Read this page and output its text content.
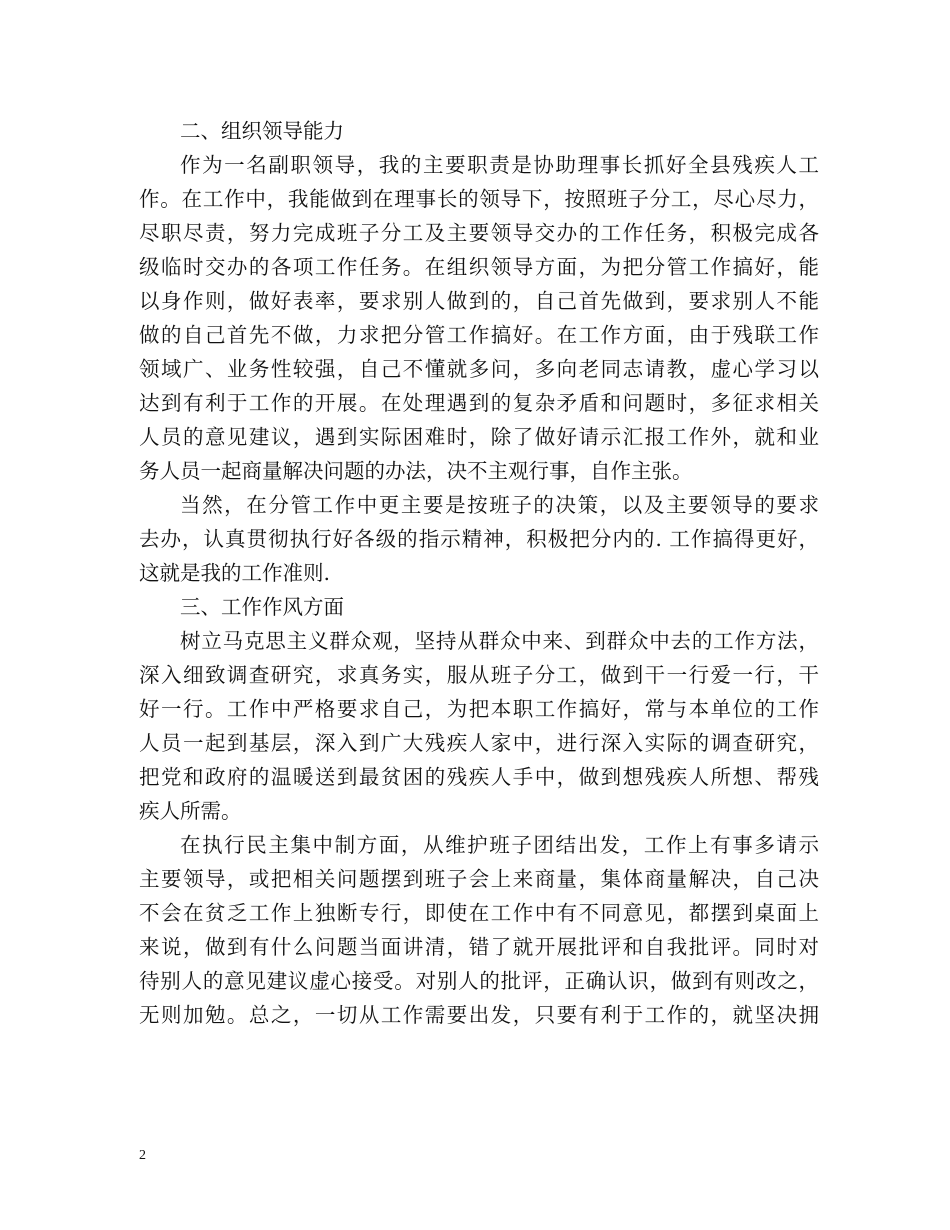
二、组织领导能力
作为一名副职领导，我的主要职责是协助理事长抓好全县残疾人工
作。在工作中，我能做到在理事长的领导下，按照班子分工，尽心尽力，
尽职尽责，努力完成班子分工及主要领导交办的工作任务，积极完成各
级临时交办的各项工作任务。在组织领导方面，为把分管工作搞好，能
以身作则，做好表率，要求别人做到的，自己首先做到，要求别人不能
做的自己首先不做，力求把分管工作搞好。在工作方面，由于残联工作
领域广、业务性较强，自己不懂就多问，多向老同志请教，虚心学习以
达到有利于工作的开展。在处理遇到的复杂矛盾和问题时，多征求相关
人员的意见建议，遇到实际困难时，除了做好请示汇报工作外，就和业
务人员一起商量解决问题的办法，决不主观行事，自作主张。
当然，在分管工作中更主要是按班子的决策，以及主要领导的要求
去办，认真贯彻执行好各级的指示精神，积极把分内的. 工作搞得更好，
这就是我的工作准则.
三、工作作风方面
树立马克思主义群众观，坚持从群众中来、到群众中去的工作方法，
深入细致调查研究，求真务实，服从班子分工，做到干一行爱一行，干
好一行。工作中严格要求自己，为把本职工作搞好，常与本单位的工作
人员一起到基层，深入到广大残疾人家中，进行深入实际的调查研究，
把党和政府的温暖送到最贫困的残疾人手中，做到想残疾人所想、帮残
疾人所需。
在执行民主集中制方面，从维护班子团结出发，工作上有事多请示
主要领导，或把相关问题摆到班子会上来商量，集体商量解决，自己决
不会在贫乏工作上独断专行，即使在工作中有不同意见，都摆到桌面上
来说，做到有什么问题当面讲清，错了就开展批评和自我批评。同时对
待别人的意见建议虚心接受。对别人的批评，正确认识，做到有则改之，
无则加勉。总之，一切从工作需要出发，只要有利于工作的，就坚决拥
2
